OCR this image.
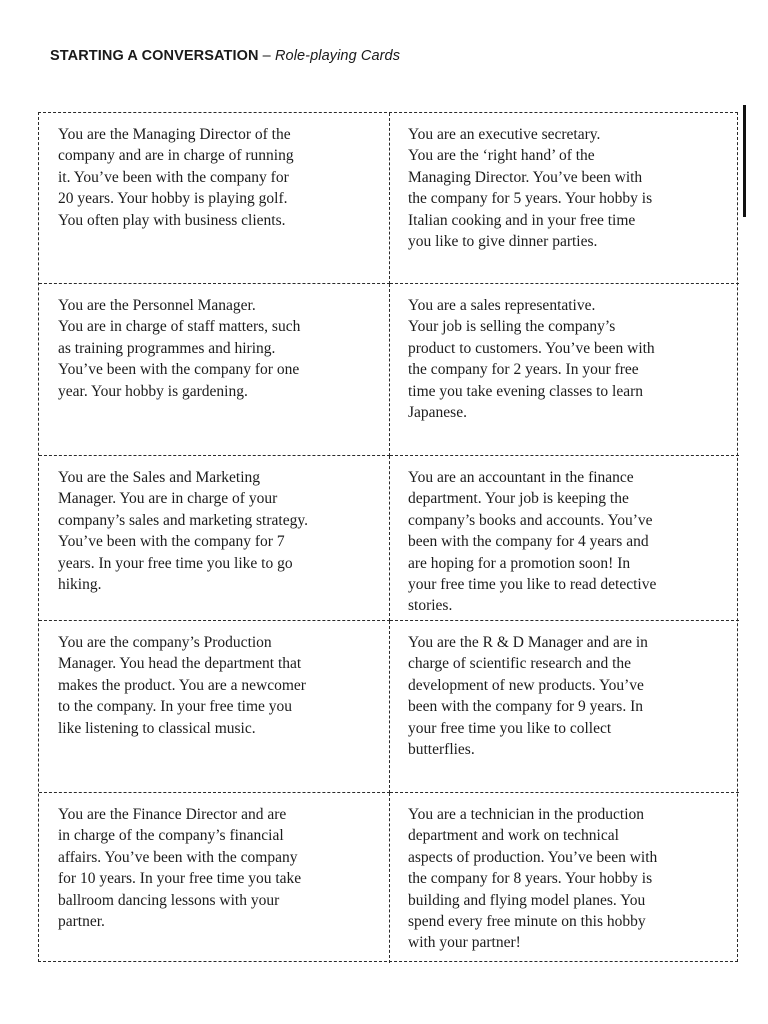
STARTING A CONVERSATION – Role-playing Cards
You are the Managing Director of the
company and are in charge of running
it. You’ve been with the company for
20 years. Your hobby is playing golf.
You often play with business clients.
You are an executive secretary.
You are the ‘right hand’ of the
Managing Director. You’ve been with
the company for 5 years. Your hobby is
Italian cooking and in your free time
you like to give dinner parties.
You are the Personnel Manager.
You are in charge of staff matters, such
as training programmes and hiring.
You’ve been with the company for one
year. Your hobby is gardening.
You are a sales representative.
Your job is selling the company’s
product to customers. You’ve been with
the company for 2 years. In your free
time you take evening classes to learn
Japanese.
You are the Sales and Marketing
Manager. You are in charge of your
company’s sales and marketing strategy.
You’ve been with the company for 7
years. In your free time you like to go
hiking.
You are an accountant in the finance
department. Your job is keeping the
company’s books and accounts. You’ve
been with the company for 4 years and
are hoping for a promotion soon! In
your free time you like to read detective
stories.
You are the company’s Production
Manager. You head the department that
makes the product. You are a newcomer
to the company. In your free time you
like listening to classical music.
You are the R & D Manager and are in
charge of scientific research and the
development of new products. You’ve
been with the company for 9 years. In
your free time you like to collect
butterflies.
You are the Finance Director and are
in charge of the company’s financial
affairs. You’ve been with the company
for 10 years. In your free time you take
ballroom dancing lessons with your
partner.
You are a technician in the production
department and work on technical
aspects of production. You’ve been with
the company for 8 years. Your hobby is
building and flying model planes. You
spend every free minute on this hobby
with your partner!
